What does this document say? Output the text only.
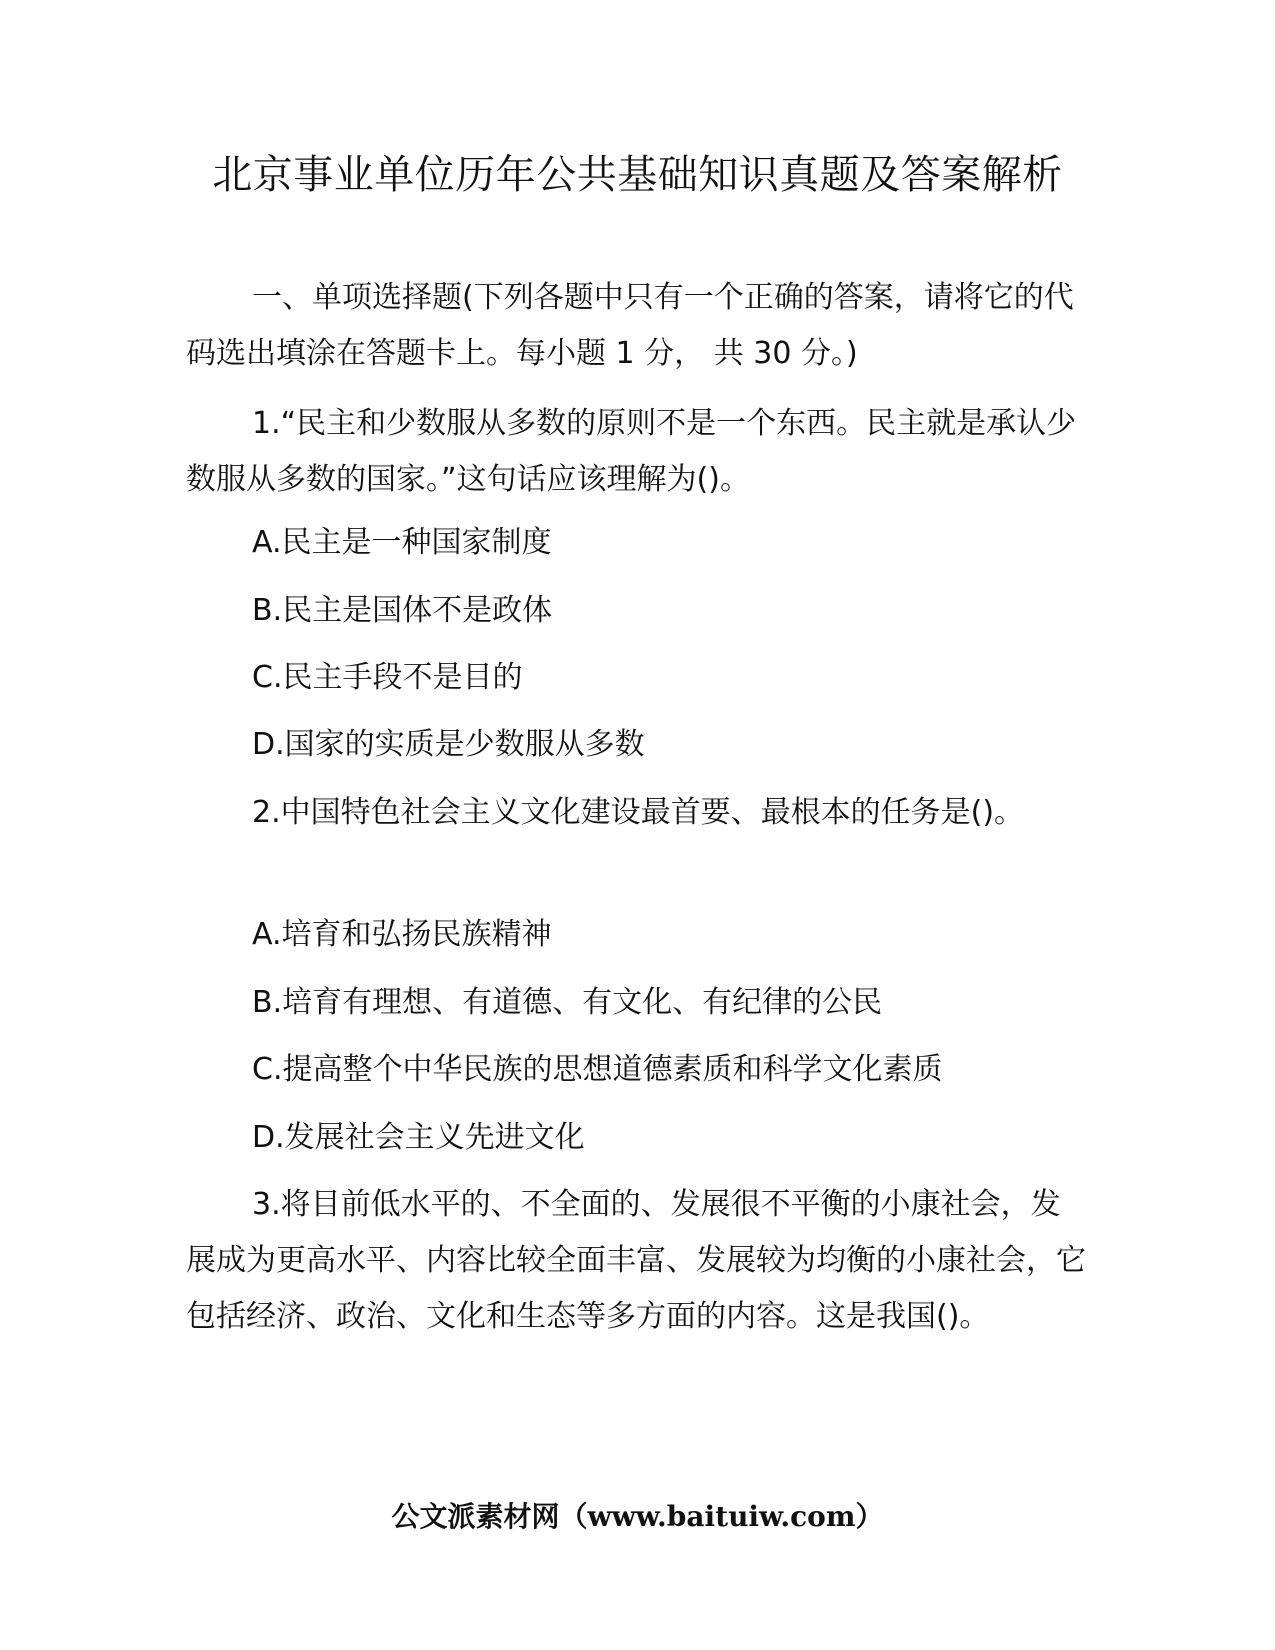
北京事业单位历年公共基础知识真题及答案解析
一、单项选择题(下列各题中只有一个正确的答案，请将它的代码选出填涂在答题卡上。每小题 1 分， 共 30 分。)
1.“民主和少数服从多数的原则不是一个东西。民主就是承认少数服从多数的国家。”这句话应该理解为()。
A.民主是一种国家制度
B.民主是国体不是政体
C.民主手段不是目的
D.国家的实质是少数服从多数
2.中国特色社会主义文化建设最首要、最根本的任务是()。
A.培育和弘扬民族精神
B.培育有理想、有道德、有文化、有纪律的公民
C.提高整个中华民族的思想道德素质和科学文化素质
D.发展社会主义先进文化
3.将目前低水平的、不全面的、发展很不平衡的小康社会，发展成为更高水平、内容比较全面丰富、发展较为均衡的小康社会，它包括经济、政治、文化和生态等多方面的内容。这是我国()。
公文派素材网（www.baituiw.com）
